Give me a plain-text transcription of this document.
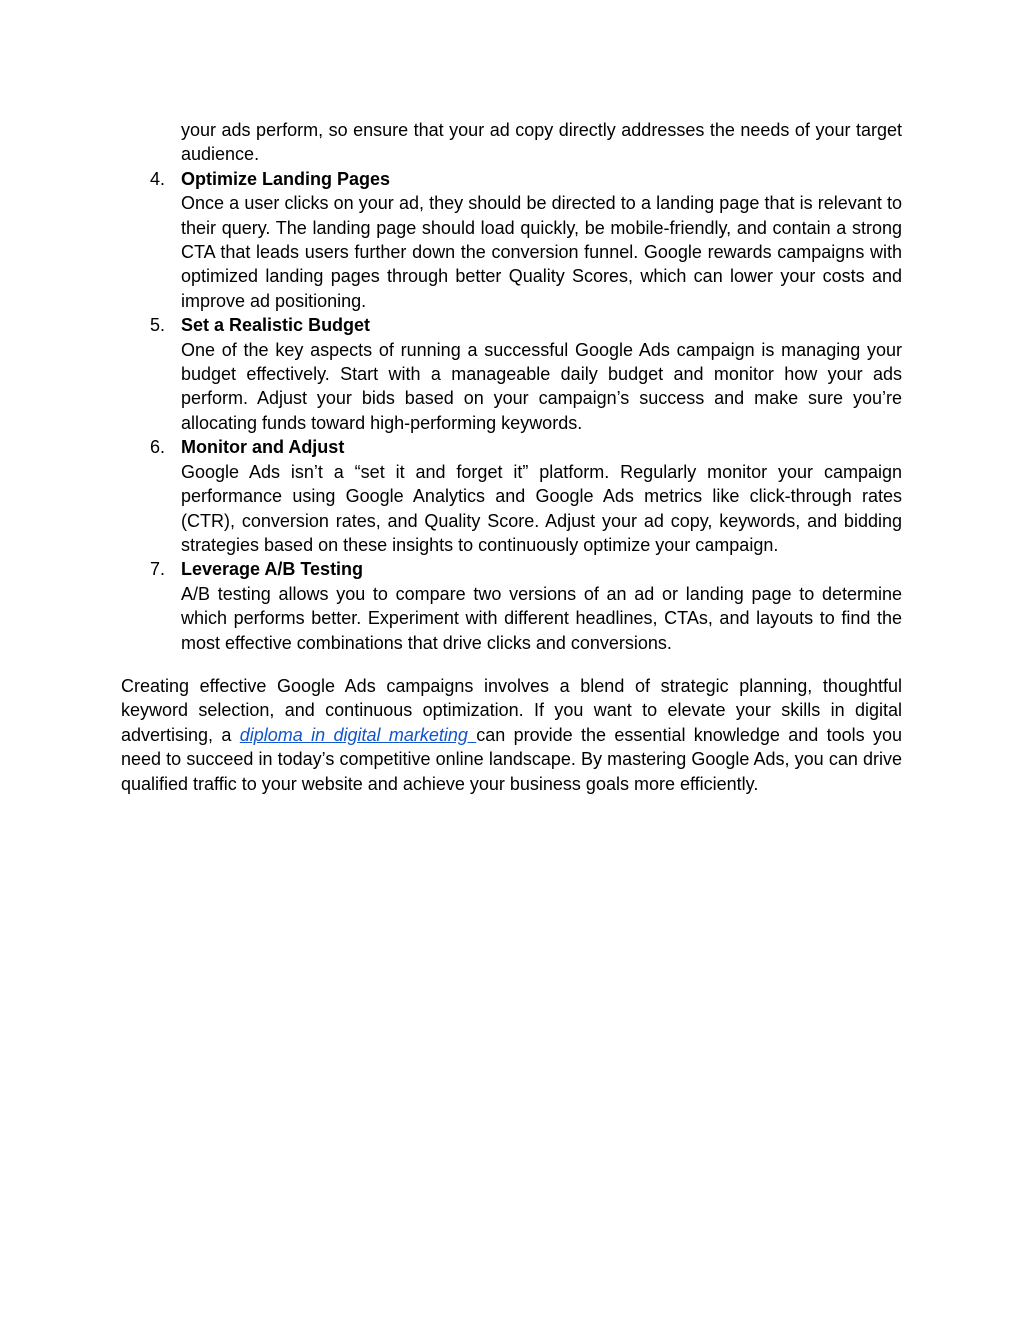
your ads perform, so ensure that your ad copy directly addresses the needs of your target audience.

4. Optimize Landing Pages

Once a user clicks on your ad, they should be directed to a landing page that is relevant to their query. The landing page should load quickly, be mobile-friendly, and contain a strong CTA that leads users further down the conversion funnel. Google rewards campaigns with optimized landing pages through better Quality Scores, which can lower your costs and improve ad positioning.

5. Set a Realistic Budget

One of the key aspects of running a successful Google Ads campaign is managing your budget effectively. Start with a manageable daily budget and monitor how your ads perform. Adjust your bids based on your campaign’s success and make sure you’re allocating funds toward high-performing keywords.

6. Monitor and Adjust

Google Ads isn’t a “set it and forget it” platform. Regularly monitor your campaign performance using Google Analytics and Google Ads metrics like click-through rates (CTR), conversion rates, and Quality Score. Adjust your ad copy, keywords, and bidding strategies based on these insights to continuously optimize your campaign.

7. Leverage A/B Testing

A/B testing allows you to compare two versions of an ad or landing page to determine which performs better. Experiment with different headlines, CTAs, and layouts to find the most effective combinations that drive clicks and conversions.

Creating effective Google Ads campaigns involves a blend of strategic planning, thoughtful keyword selection, and continuous optimization. If you want to elevate your skills in digital advertising, a diploma in digital marketing can provide the essential knowledge and tools you need to succeed in today’s competitive online landscape. By mastering Google Ads, you can drive qualified traffic to your website and achieve your business goals more efficiently.
